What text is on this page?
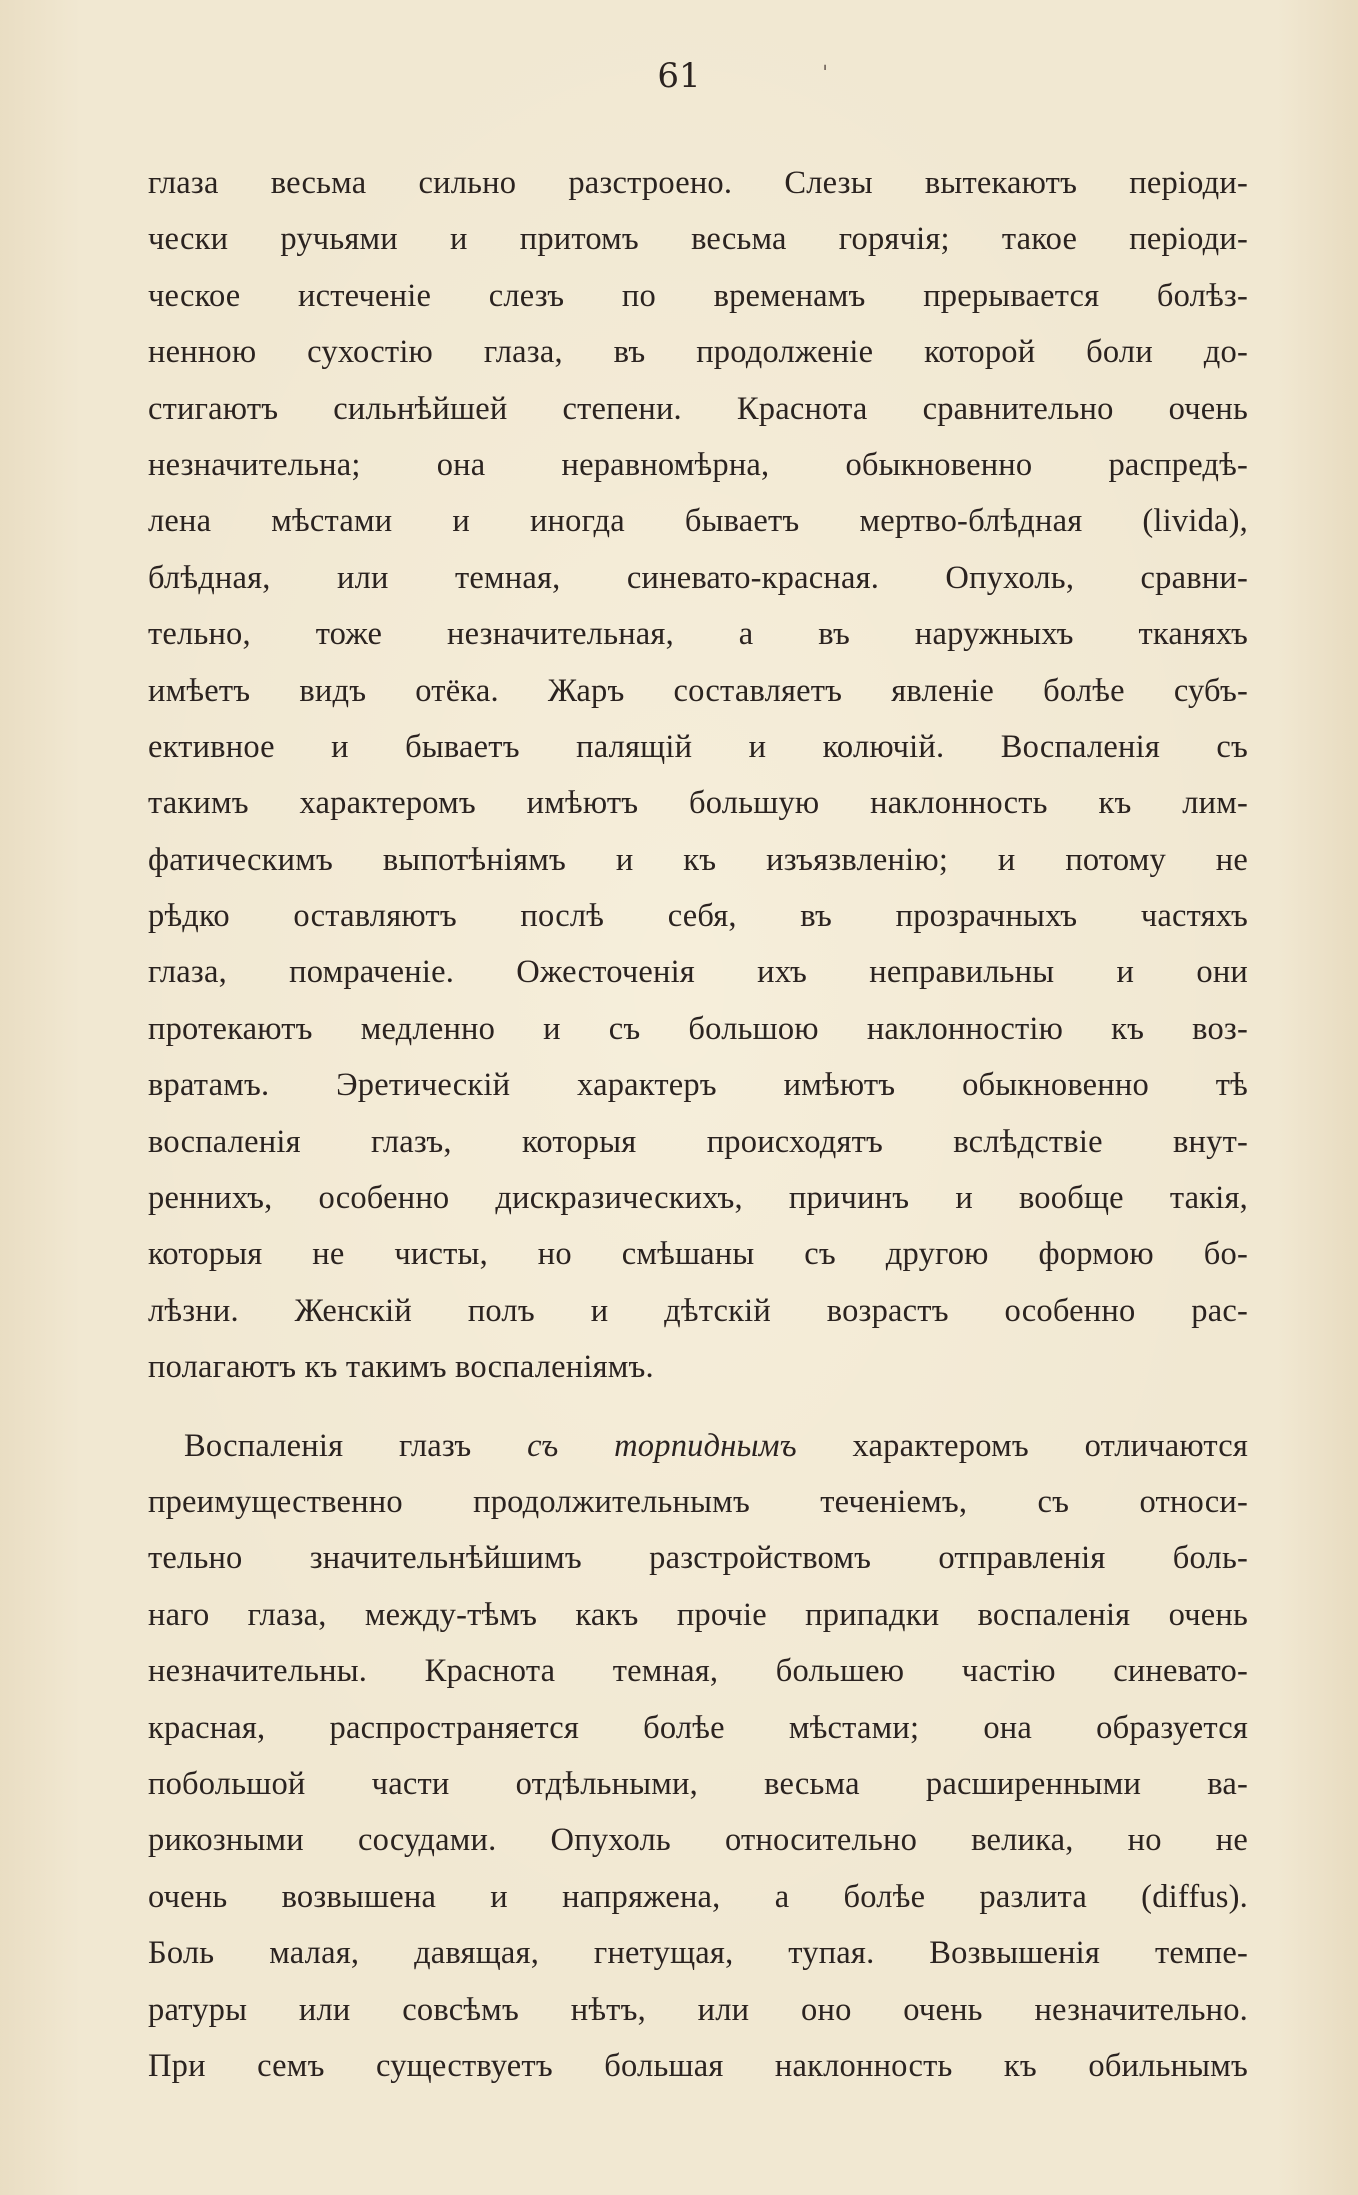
61	ˌ
глаза весьма сильно разстроено. Слезы вытекаютъ періоди-
чески ручьями и притомъ весьма горячія; такое періоди-
ческое истеченіе слезъ по временамъ прерывается болѣз-
ненною сухостію глаза, въ продолженіе которой боли до-
стигаютъ сильнѣйшей степени. Краснота сравнительно очень
незначительна; она неравномѣрна, обыкновенно распредѣ-
лена мѣстами и иногда бываетъ мертво-блѣдная (livida),
блѣдная, или темная, синевато-красная. Опухоль, сравни-
тельно, тоже незначительная, а въ наружныхъ тканяхъ
имѣетъ видъ отёка. Жаръ составляетъ явленіе болѣе субъ-
ективное и бываетъ палящій и колючій. Воспаленія съ
такимъ характеромъ имѣютъ большую наклонность къ лим-
фатическимъ выпотѣніямъ и къ изъязвленію; и потому не
рѣдко оставляютъ послѣ себя, въ прозрачныхъ частяхъ
глаза, помраченіе. Ожесточенія ихъ неправильны и они
протекаютъ медленно и съ большою наклонностію къ воз-
вратамъ. Эретическій характеръ имѣютъ обыкновенно тѣ
воспаленія глазъ, которыя происходятъ вслѣдствіе внут-
реннихъ, особенно дискразическихъ, причинъ и вообще такія,
которыя не чисты, но смѣшаны съ другою формою бо-
лѣзни. Женскій полъ и дѣтскій возрастъ особенно рас-
полагаютъ къ такимъ воспаленіямъ.
Воспаленія глазъ съ торпиднымъ характеромъ отличаются
преимущественно продолжительнымъ теченіемъ, съ относи-
тельно значительнѣйшимъ разстройствомъ отправленія боль-
наго глаза, между-тѣмъ какъ прочіе припадки воспаленія очень
незначительны. Краснота темная, большею частію синевато-
красная, распространяется болѣе мѣстами; она образуется
побольшой части отдѣльными, весьма расширенными ва-
рикозными сосудами. Опухоль относительно велика, но не
очень возвышена и напряжена, а болѣе разлита (diffus).
Боль малая, давящая, гнетущая, тупая. Возвышенія темпе-
ратуры или совсѣмъ нѣтъ, или оно очень незначительно.
При семъ существуетъ большая наклонность къ обильнымъ
